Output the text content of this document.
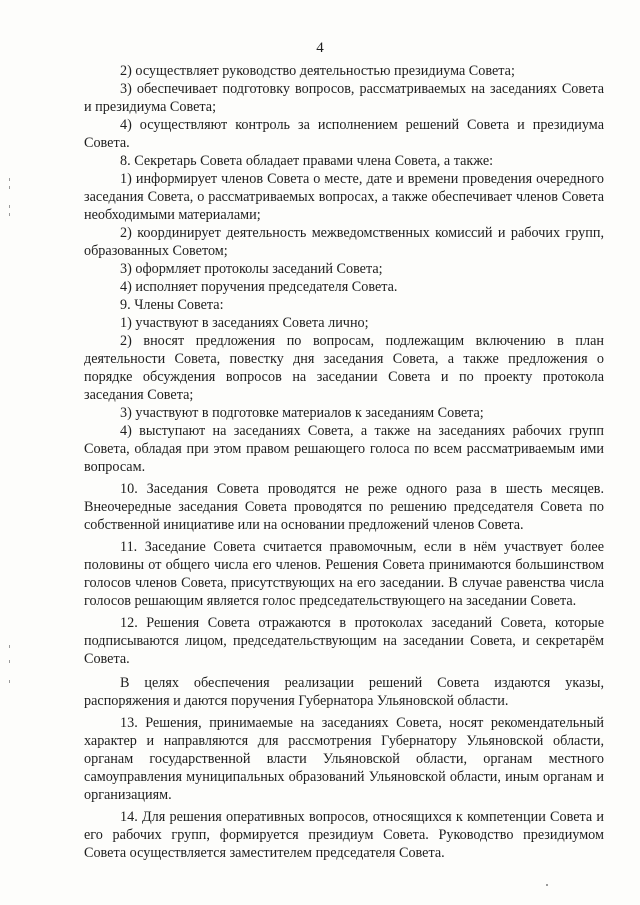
4

2) осуществляет руководство деятельностью президиума Совета;

3) обеспечивает подготовку вопросов, рассматриваемых на заседаниях Совета и президиума Совета;

4) осуществляют контроль за исполнением решений Совета и президиума Совета.

8. Секретарь Совета обладает правами члена Совета, а также:

1) информирует членов Совета о месте, дате и времени проведения очередного заседания Совета, о рассматриваемых вопросах, а также обеспечивает членов Совета необходимыми материалами;

2) координирует деятельность межведомственных комиссий и рабочих групп, образованных Советом;

3) оформляет протоколы заседаний Совета;

4) исполняет поручения председателя Совета.

9. Члены Совета:

1) участвуют в заседаниях Совета лично;

2) вносят предложения по вопросам, подлежащим включению в план деятельности Совета, повестку дня заседания Совета, а также предложения о порядке обсуждения вопросов на заседании Совета и по проекту протокола заседания Совета;

3) участвуют в подготовке материалов к заседаниям Совета;

4) выступают на заседаниях Совета, а также на заседаниях рабочих групп Совета, обладая при этом правом решающего голоса по всем рассматриваемым ими вопросам.

10. Заседания Совета проводятся не реже одного раза в шесть месяцев. Внеочередные заседания Совета проводятся по решению председателя Совета по собственной инициативе или на основании предложений членов Совета.

11. Заседание Совета считается правомочным, если в нём участвует более половины от общего числа его членов. Решения Совета принимаются большинством голосов членов Совета, присутствующих на его заседании. В случае равенства числа голосов решающим является голос председательствующего на заседании Совета.

12. Решения Совета отражаются в протоколах заседаний Совета, которые подписываются лицом, председательствующим на заседании Совета, и секретарём Совета.

В целях обеспечения реализации решений Совета издаются указы, распоряжения и даются поручения Губернатора Ульяновской области.

13. Решения, принимаемые на заседаниях Совета, носят рекомендательный характер и направляются для рассмотрения Губернатору Ульяновской области, органам государственной власти Ульяновской области, органам местного самоуправления муниципальных образований Ульяновской области, иным органам и организациям.

14. Для решения оперативных вопросов, относящихся к компетенции Совета и его рабочих групп, формируется президиум Совета. Руководство президиумом Совета осуществляется заместителем председателя Совета.
